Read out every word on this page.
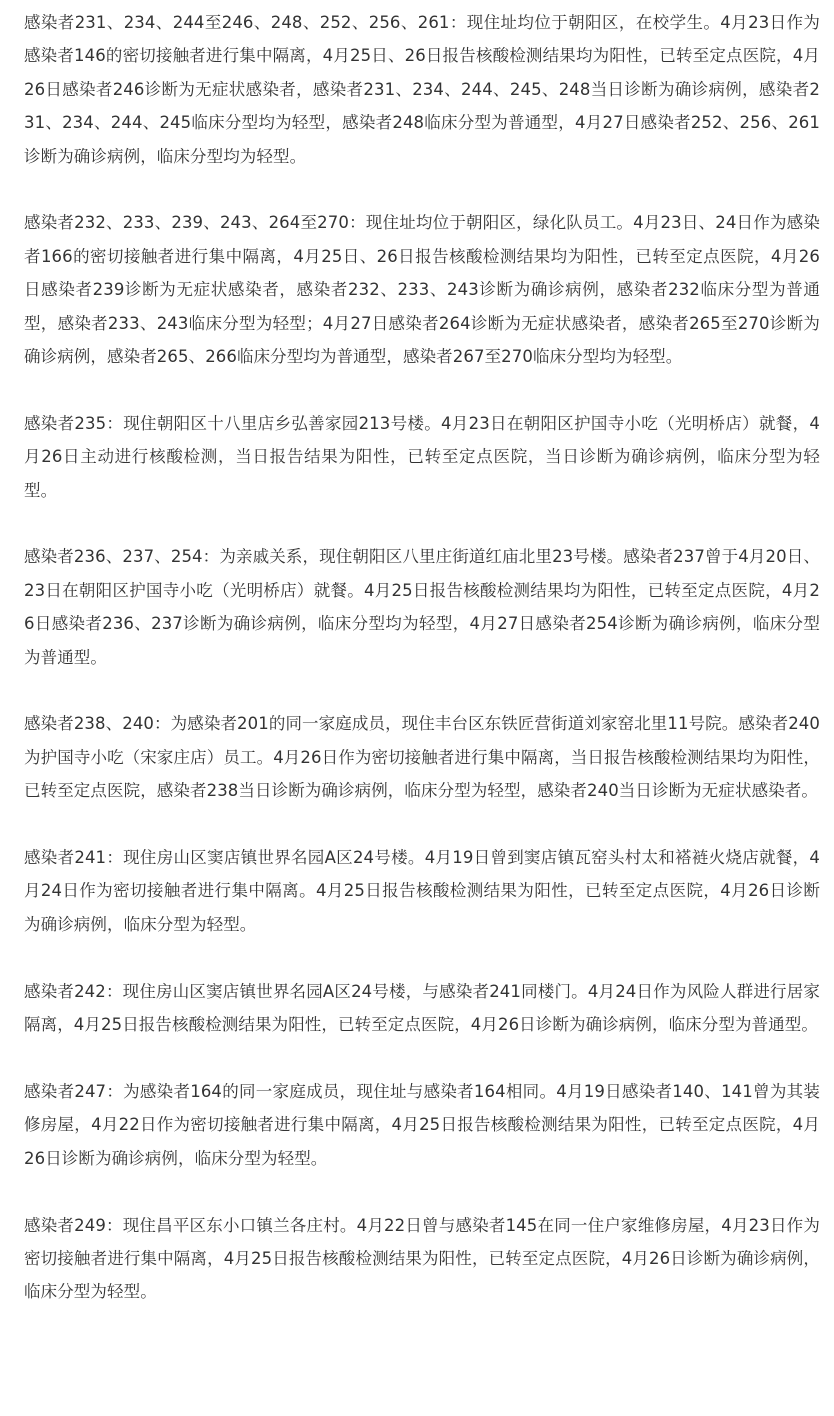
感染者231、234、244至246、248、252、256、261：现住址均位于朝阳区，在校学生。4月23日作为感染者146的密切接触者进行集中隔离，4月25日、26日报告核酸检测结果均为阳性，已转至定点医院，4月26日感染者246诊断为无症状感染者，感染者231、234、244、245、248当日诊断为确诊病例，感染者231、234、244、245临床分型均为轻型，感染者248临床分型为普通型，4月27日感染者252、256、261诊断为确诊病例，临床分型均为轻型。

感染者232、233、239、243、264至270：现住址均位于朝阳区，绿化队员工。4月23日、24日作为感染者166的密切接触者进行集中隔离，4月25日、26日报告核酸检测结果均为阳性，已转至定点医院，4月26日感染者239诊断为无症状感染者，感染者232、233、243诊断为确诊病例，感染者232临床分型为普通型，感染者233、243临床分型为轻型；4月27日感染者264诊断为无症状感染者，感染者265至270诊断为确诊病例，感染者265、266临床分型均为普通型，感染者267至270临床分型均为轻型。

感染者235：现住朝阳区十八里店乡弘善家园213号楼。4月23日在朝阳区护国寺小吃（光明桥店）就餐，4月26日主动进行核酸检测，当日报告结果为阳性，已转至定点医院，当日诊断为确诊病例，临床分型为轻型。

感染者236、237、254：为亲戚关系，现住朝阳区八里庄街道红庙北里23号楼。感染者237曾于4月20日、23日在朝阳区护国寺小吃（光明桥店）就餐。4月25日报告核酸检测结果均为阳性，已转至定点医院，4月26日感染者236、237诊断为确诊病例，临床分型均为轻型，4月27日感染者254诊断为确诊病例，临床分型为普通型。

感染者238、240：为感染者201的同一家庭成员，现住丰台区东铁匠营街道刘家窑北里11号院。感染者240为护国寺小吃（宋家庄店）员工。4月26日作为密切接触者进行集中隔离，当日报告核酸检测结果均为阳性，已转至定点医院，感染者238当日诊断为确诊病例，临床分型为轻型，感染者240当日诊断为无症状感染者。

感染者241：现住房山区窦店镇世界名园A区24号楼。4月19日曾到窦店镇瓦窑头村太和褡裢火烧店就餐，4月24日作为密切接触者进行集中隔离。4月25日报告核酸检测结果为阳性，已转至定点医院，4月26日诊断为确诊病例，临床分型为轻型。

感染者242：现住房山区窦店镇世界名园A区24号楼，与感染者241同楼门。4月24日作为风险人群进行居家隔离，4月25日报告核酸检测结果为阳性，已转至定点医院，4月26日诊断为确诊病例，临床分型为普通型。

感染者247：为感染者164的同一家庭成员，现住址与感染者164相同。4月19日感染者140、141曾为其装修房屋，4月22日作为密切接触者进行集中隔离，4月25日报告核酸检测结果为阳性，已转至定点医院，4月26日诊断为确诊病例，临床分型为轻型。

感染者249：现住昌平区东小口镇兰各庄村。4月22日曾与感染者145在同一住户家维修房屋，4月23日作为密切接触者进行集中隔离，4月25日报告核酸检测结果为阳性，已转至定点医院，4月26日诊断为确诊病例，临床分型为轻型。
